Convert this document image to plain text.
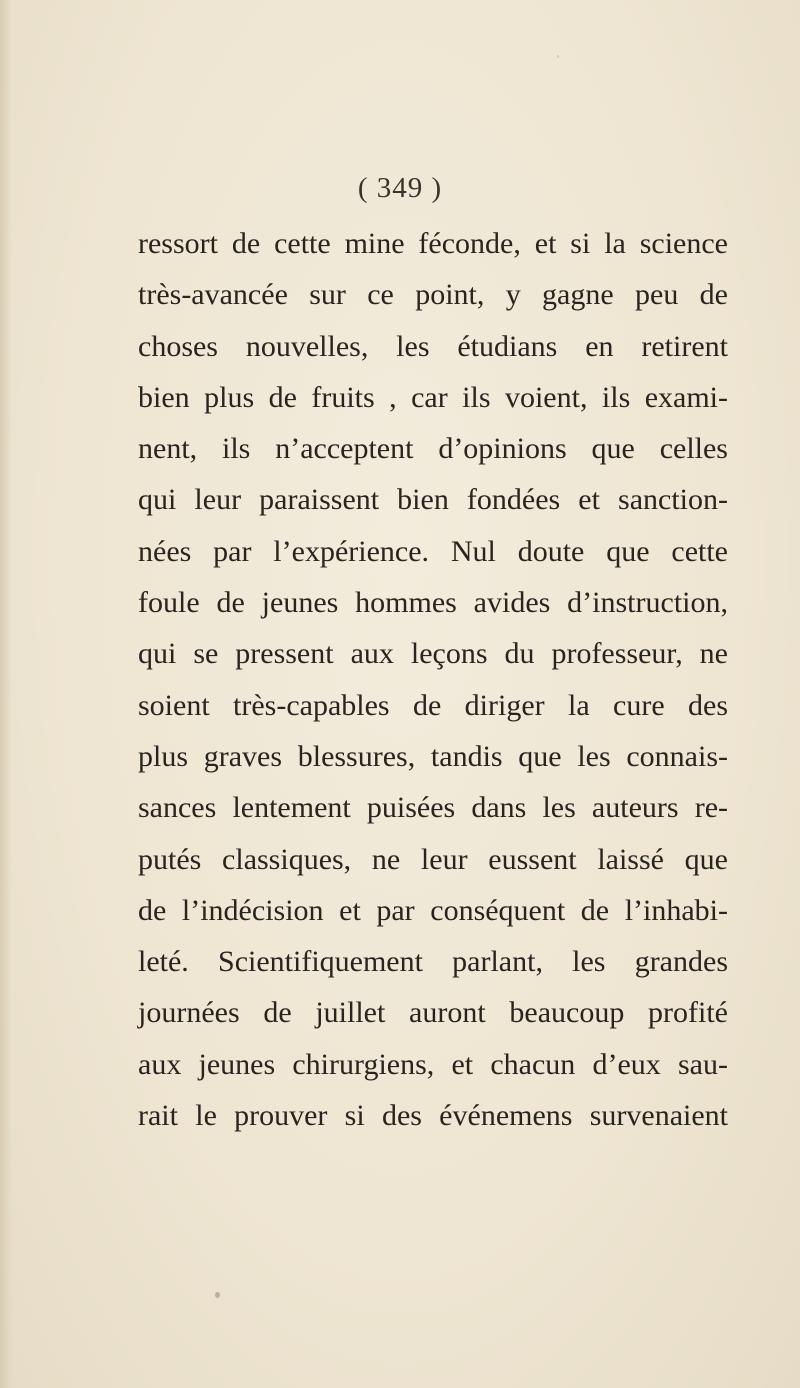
( 349 )
ressort de cette mine féconde, et si la science
très-avancée sur ce point, y gagne peu de
choses nouvelles, les étudians en retirent
bien plus de fruits , car ils voient, ils exami-
nent, ils n’acceptent d’opinions que celles
qui leur paraissent bien fondées et sanction-
nées par l’expérience. Nul doute que cette
foule de jeunes hommes avides d’instruction,
qui se pressent aux leçons du professeur, ne
soient très-capables de diriger la cure des
plus graves blessures, tandis que les connais-
sances lentement puisées dans les auteurs re-
putés classiques, ne leur eussent laissé que
de l’indécision et par conséquent de l’inhabi-
leté. Scientifiquement parlant, les grandes
journées de juillet auront beaucoup profité
aux jeunes chirurgiens, et chacun d’eux sau-
rait le prouver si des événemens survenaient
